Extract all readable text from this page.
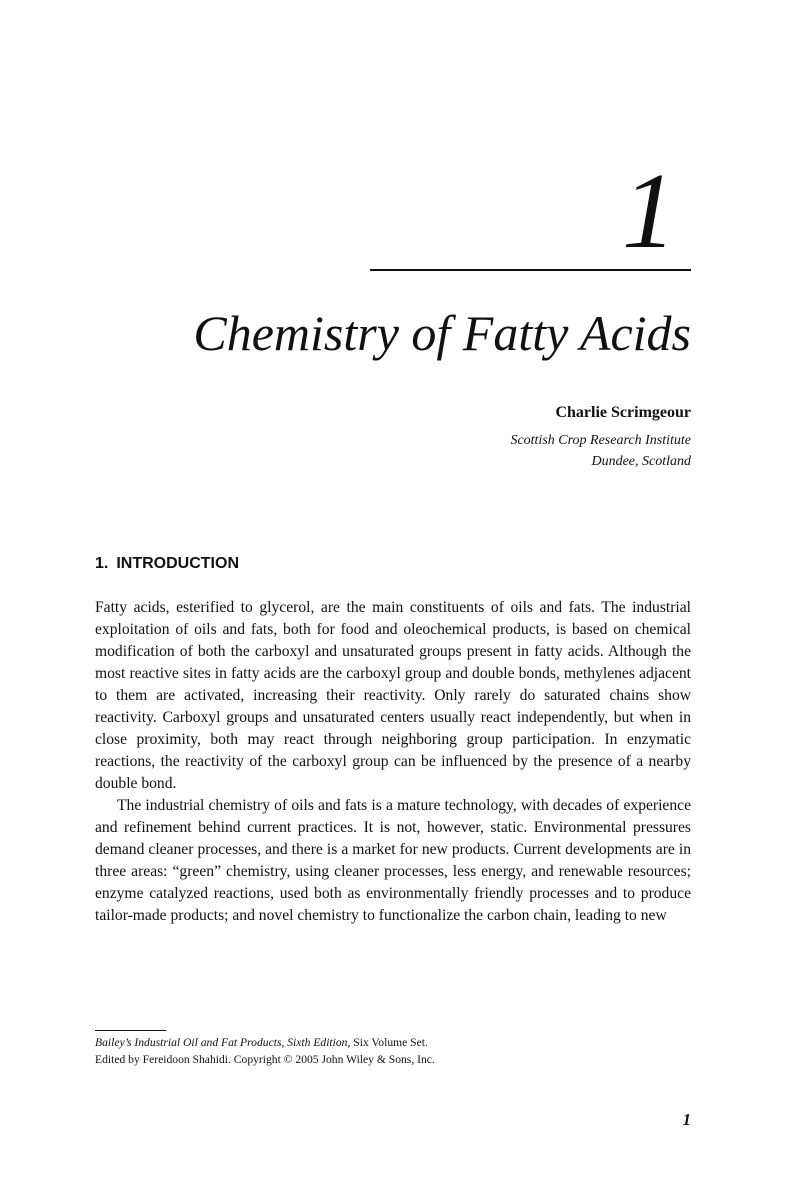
1
Chemistry of Fatty Acids

Charlie Scrimgeour

Scottish Crop Research Institute

Dundee, Scotland

1. INTRODUCTION

Fatty acids, esterified to glycerol, are the main constituents of oils and fats. The industrial exploitation of oils and fats, both for food and oleochemical products, is based on chemical modification of both the carboxyl and unsaturated groups present in fatty acids. Although the most reactive sites in fatty acids are the carboxyl group and double bonds, methylenes adjacent to them are activated, increasing their reactivity. Only rarely do saturated chains show reactivity. Carboxyl groups and unsaturated centers usually react independently, but when in close proximity, both may react through neighboring group participation. In enzymatic reactions, the reactivity of the carboxyl group can be influenced by the presence of a nearby double bond.

The industrial chemistry of oils and fats is a mature technology, with decades of experience and refinement behind current practices. It is not, however, static. Environmental pressures demand cleaner processes, and there is a market for new products. Current developments are in three areas: “green” chemistry, using cleaner processes, less energy, and renewable resources; enzyme catalyzed reactions, used both as environmentally friendly processes and to produce tailor-made products; and novel chemistry to functionalize the carbon chain, leading to new

Bailey’s Industrial Oil and Fat Products, Sixth Edition, Six Volume Set.

Edited by Fereidoon Shahidi. Copyright © 2005 John Wiley & Sons, Inc.

1
